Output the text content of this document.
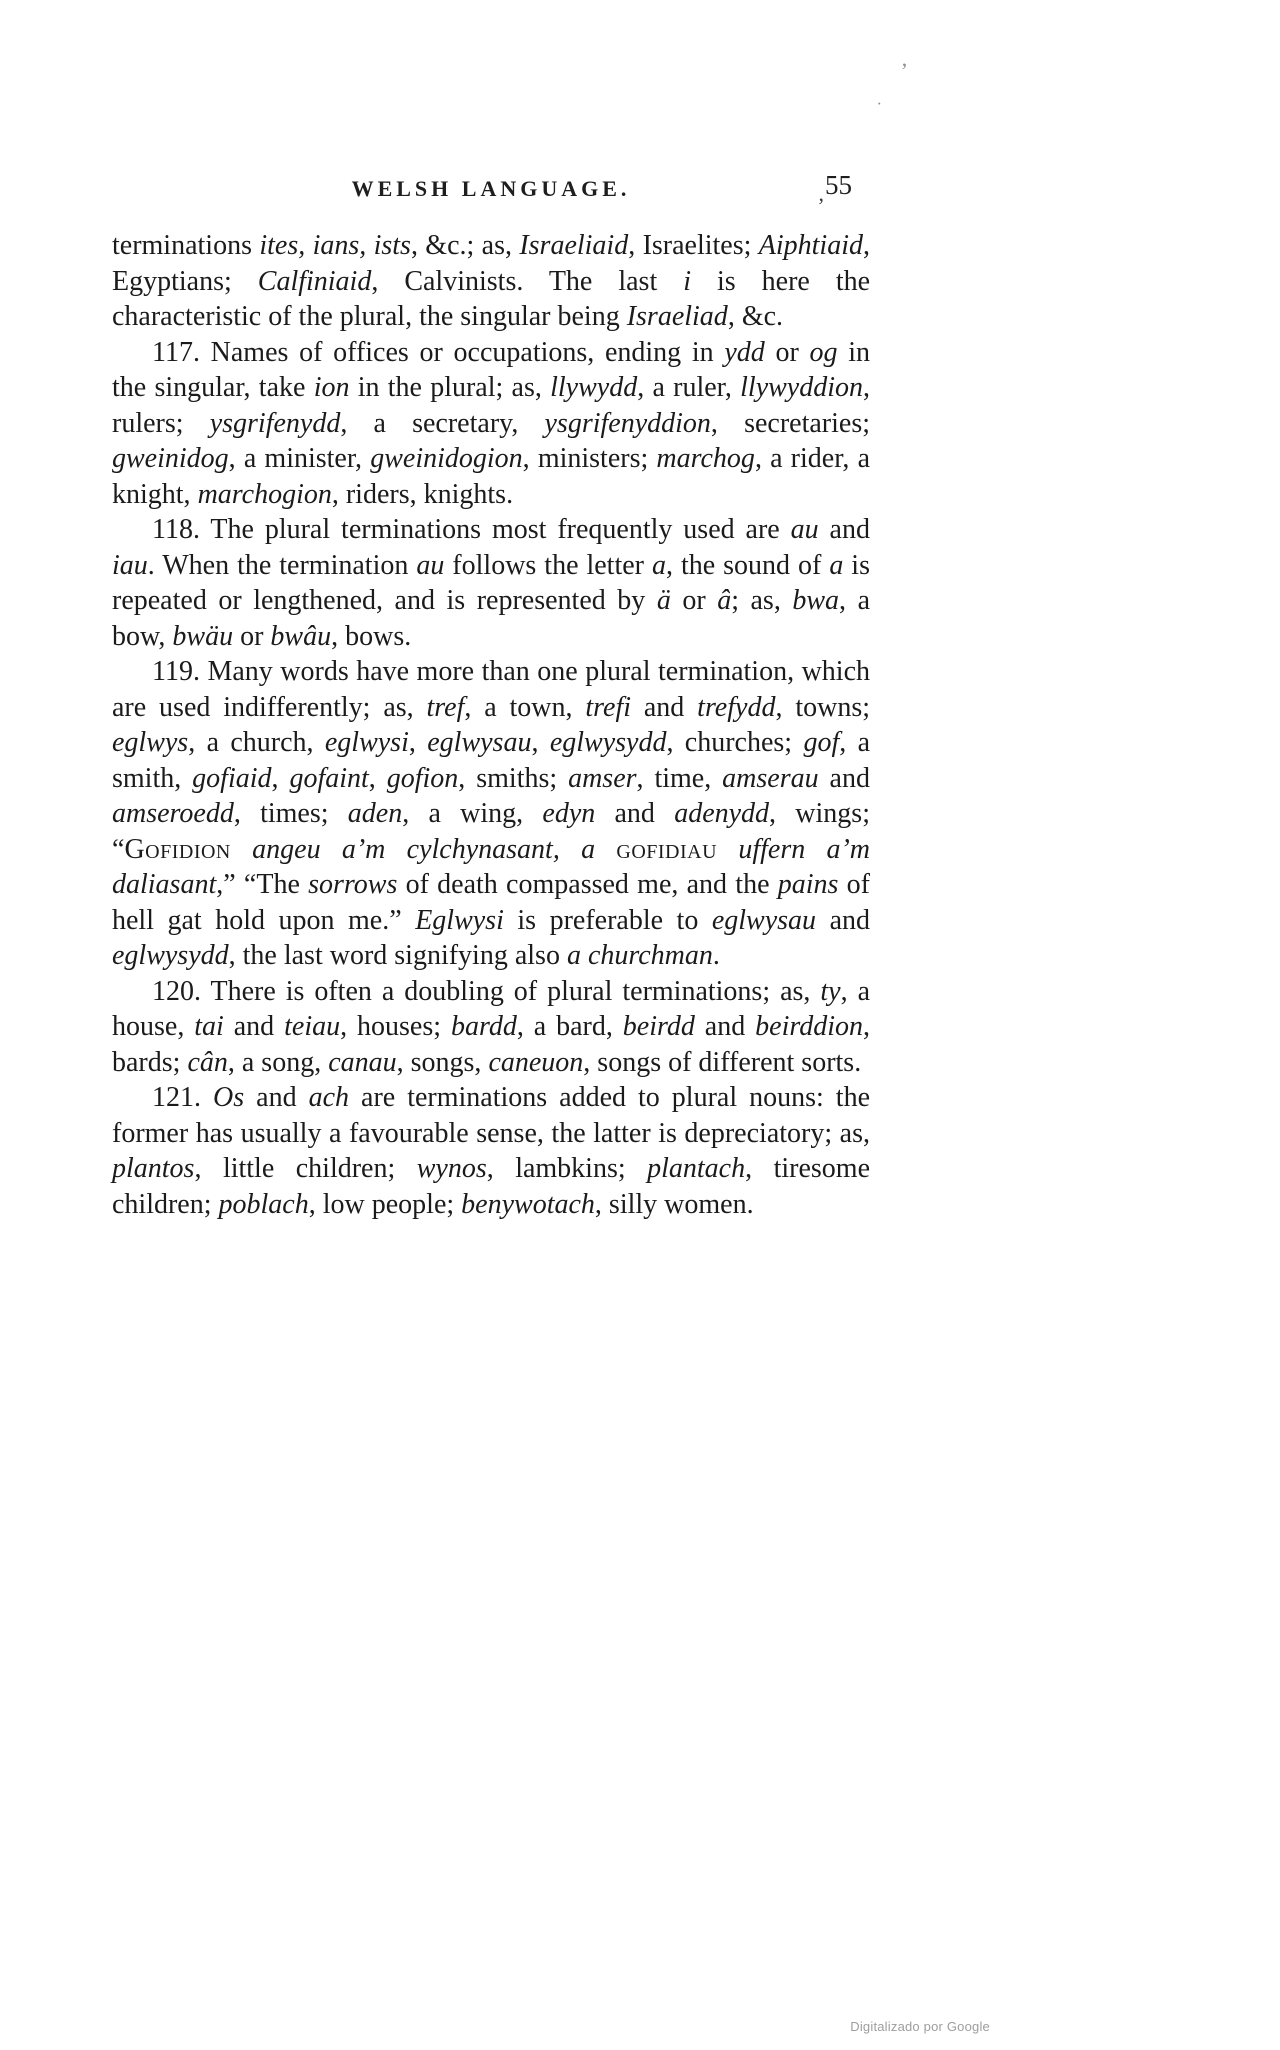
WELSH LANGUAGE.	$_,$55

terminations ites, ians, ists, &c.; as, Israeliaid, Israelites; Aiphtiaid, Egyptians; Calfiniaid, Calvinists. The last i is here the characteristic of the plural, the singular being Israeliad, &c.

117. Names of offices or occupations, ending in ydd or og in the singular, take ion in the plural; as, llywydd, a ruler, llywyddion, rulers; ysgrifenydd, a secretary, ysgrifenyddion, secretaries; gweinidog, a minister, gweinidogion, ministers; marchog, a rider, a knight, marchogion, riders, knights.

118. The plural terminations most frequently used are au and iau. When the termination au follows the letter a, the sound of a is repeated or lengthened, and is represented by ä or â; as, bwa, a bow, bwäu or bwâu, bows.

119. Many words have more than one plural termination, which are used indifferently; as, tref, a town, trefi and trefydd, towns; eglwys, a church, eglwysi, eglwysau, eglwysydd, churches; gof, a smith, gofiaid, gofaint, gofion, smiths; amser, time, amserau and amseroedd, times; aden, a wing, edyn and adenydd, wings; “Gofidion angeu a’m cylchynasant, a gofidiau uffern a’m daliasant,” “The sorrows of death compassed me, and the pains of hell gat hold upon me.” Eglwysi is preferable to eglwysau and eglwysydd, the last word signifying also a churchman.

120. There is often a doubling of plural terminations; as, ty, a house, tai and teiau, houses; bardd, a bard, beirdd and beirddion, bards; cân, a song, canau, songs, caneuon, songs of different sorts.

121. Os and ach are terminations added to plural nouns: the former has usually a favourable sense, the latter is depreciatory; as, plantos, little children; wynos, lambkins; plantach, tiresome children; poblach, low people; benywotach, silly women.

’
·
Digitalizado por Google
